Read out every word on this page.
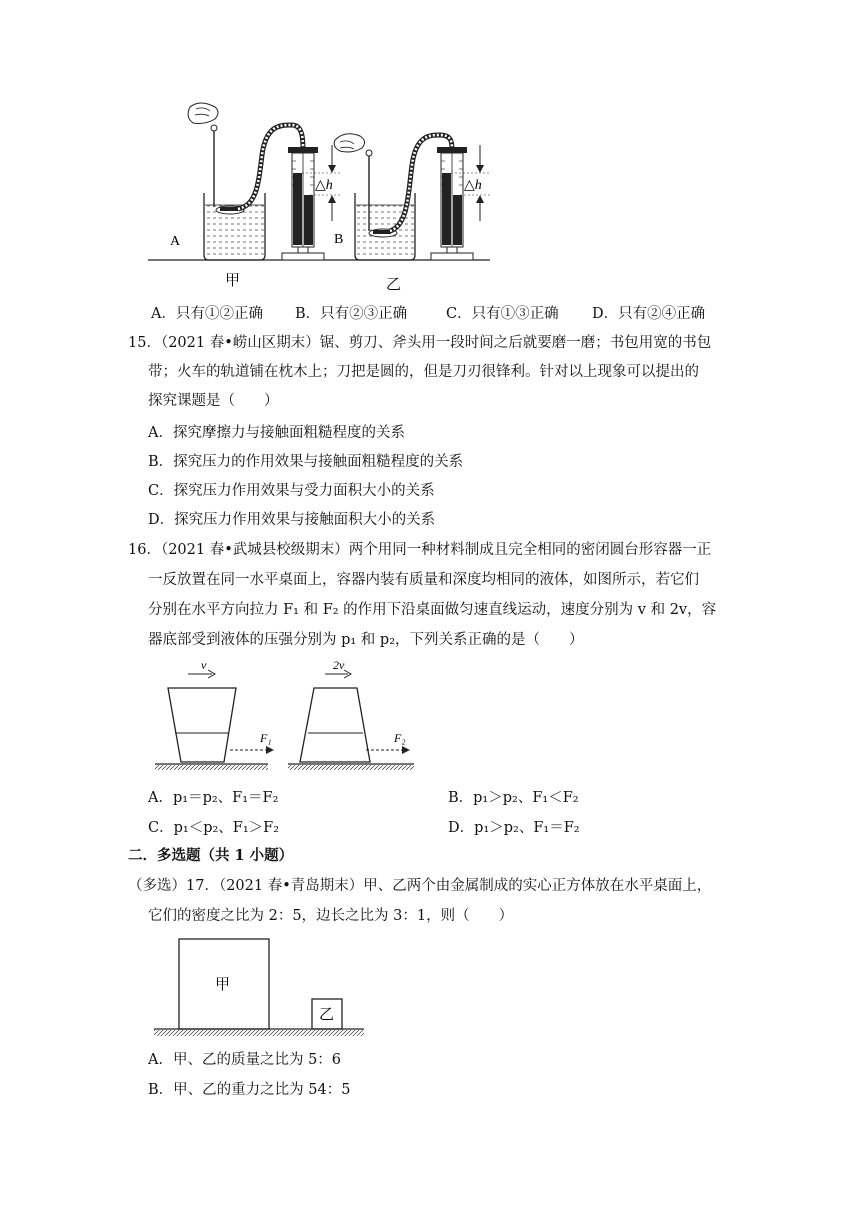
△h
A
△h
B
甲	乙
A．只有①②正确 B．只有②③正确	C．只有①③正确 D．只有②④正确
15．（2021 春•崂山区期末）锯、剪刀、斧头用一段时间之后就要磨一磨；书包用宽的书包
带；火车的轨道铺在枕木上；刀把是圆的，但是刀刃很锋利。针对以上现象可以提出的
探究课题是（　　）
A．探究摩擦力与接触面粗糙程度的关系
B．探究压力的作用效果与接触面粗糙程度的关系
C．探究压力作用效果与受力面积大小的关系
D．探究压力作用效果与接触面积大小的关系
16．（2021 春•武城县校级期末）两个用同一种材料制成且完全相同的密闭圆台形容器一正
一反放置在同一水平桌面上，容器内装有质量和深度均相同的液体，如图所示，若它们
分别在水平方向拉力 F₁ 和 F₂ 的作用下沿桌面做匀速直线运动，速度分别为 v 和 2v，容
器底部受到液体的压强分别为 p₁ 和 p₂，下列关系正确的是（　　）
v
F₁
2v
F₂
A．p₁＝p₂、F₁＝F₂	B．p₁＞p₂、F₁＜F₂
C．p₁＜p₂、F₁＞F₂	D．p₁＞p₂、F₁＝F₂
二．多选题（共 1 小题）
（多选）17．（2021 春•青岛期末）甲、乙两个由金属制成的实心正方体放在水平桌面上，
它们的密度之比为 2：5，边长之比为 3：1，则（　　）
甲
乙
A．甲、乙的质量之比为 5：6
B．甲、乙的重力之比为 54：5
